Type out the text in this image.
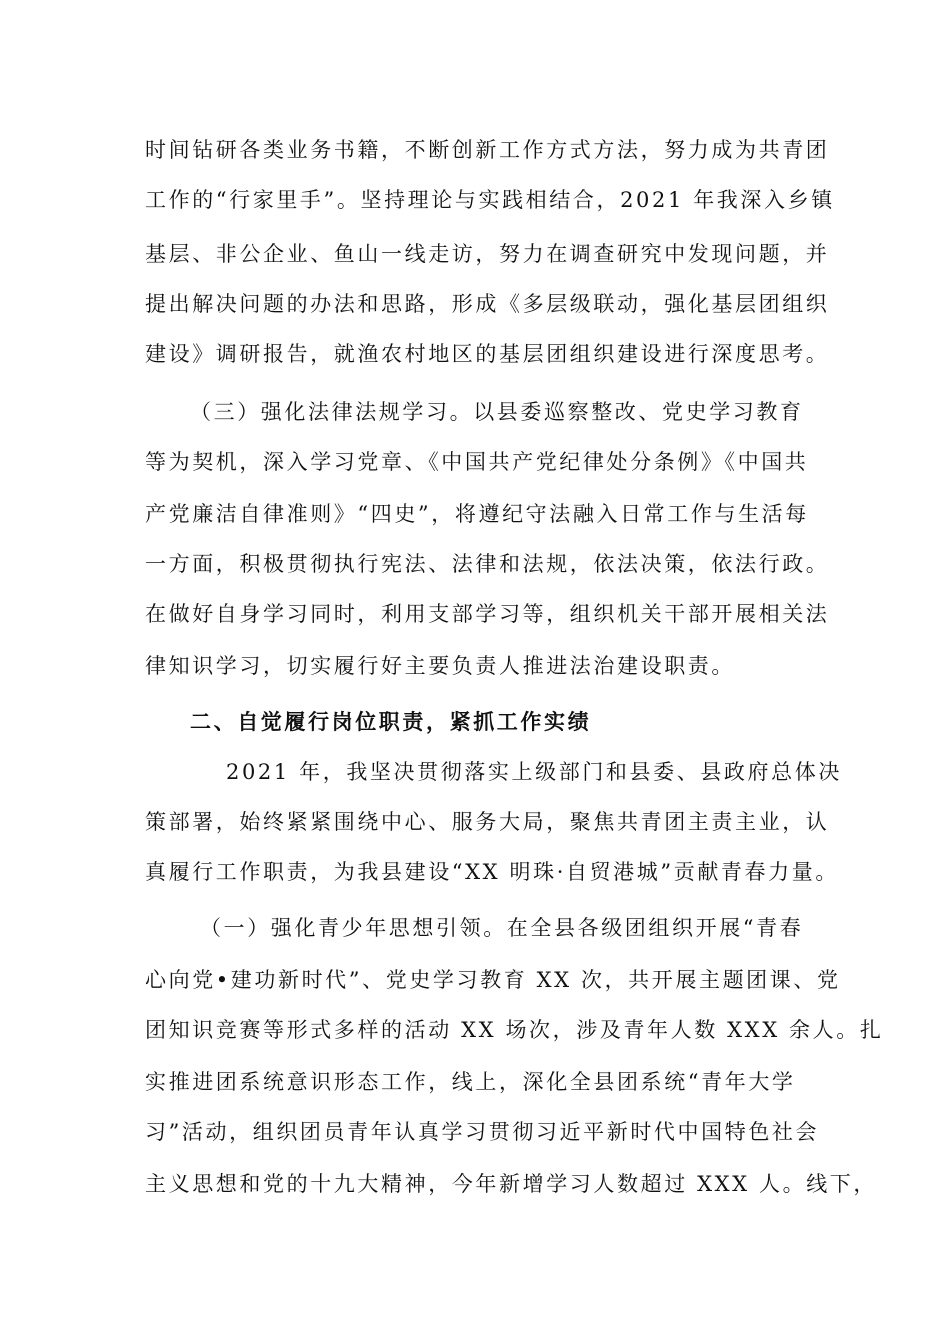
时间钻研各类业务书籍，不断创新工作方式方法，努力成为共青团
工作的“行家里手”。坚持理论与实践相结合，2021 年我深入乡镇
基层、非公企业、鱼山一线走访，努力在调查研究中发现问题，并
提出解决问题的办法和思路，形成《多层级联动，强化基层团组织
建设》调研报告，就渔农村地区的基层团组织建设进行深度思考。
（三）强化法律法规学习。以县委巡察整改、党史学习教育
等为契机，深入学习党章、《中国共产党纪律处分条例》《中国共
产党廉洁自律准则》“四史”，将遵纪守法融入日常工作与生活每
一方面，积极贯彻执行宪法、法律和法规，依法决策，依法行政。
在做好自身学习同时，利用支部学习等，组织机关干部开展相关法
律知识学习，切实履行好主要负责人推进法治建设职责。
二、自觉履行岗位职责，紧抓工作实绩
2021 年，我坚决贯彻落实上级部门和县委、县政府总体决
策部署，始终紧紧围绕中心、服务大局，聚焦共青团主责主业，认
真履行工作职责，为我县建设“XX 明珠·自贸港城”贡献青春力量。
（一）强化青少年思想引领。在全县各级团组织开展“青春
心向党•建功新时代”、党史学习教育 XX 次，共开展主题团课、党
团知识竞赛等形式多样的活动 XX 场次，涉及青年人数 XXX 余人。扎
实推进团系统意识形态工作，线上，深化全县团系统“青年大学
习”活动，组织团员青年认真学习贯彻习近平新时代中国特色社会
主义思想和党的十九大精神，今年新增学习人数超过 XXX 人。线下，
